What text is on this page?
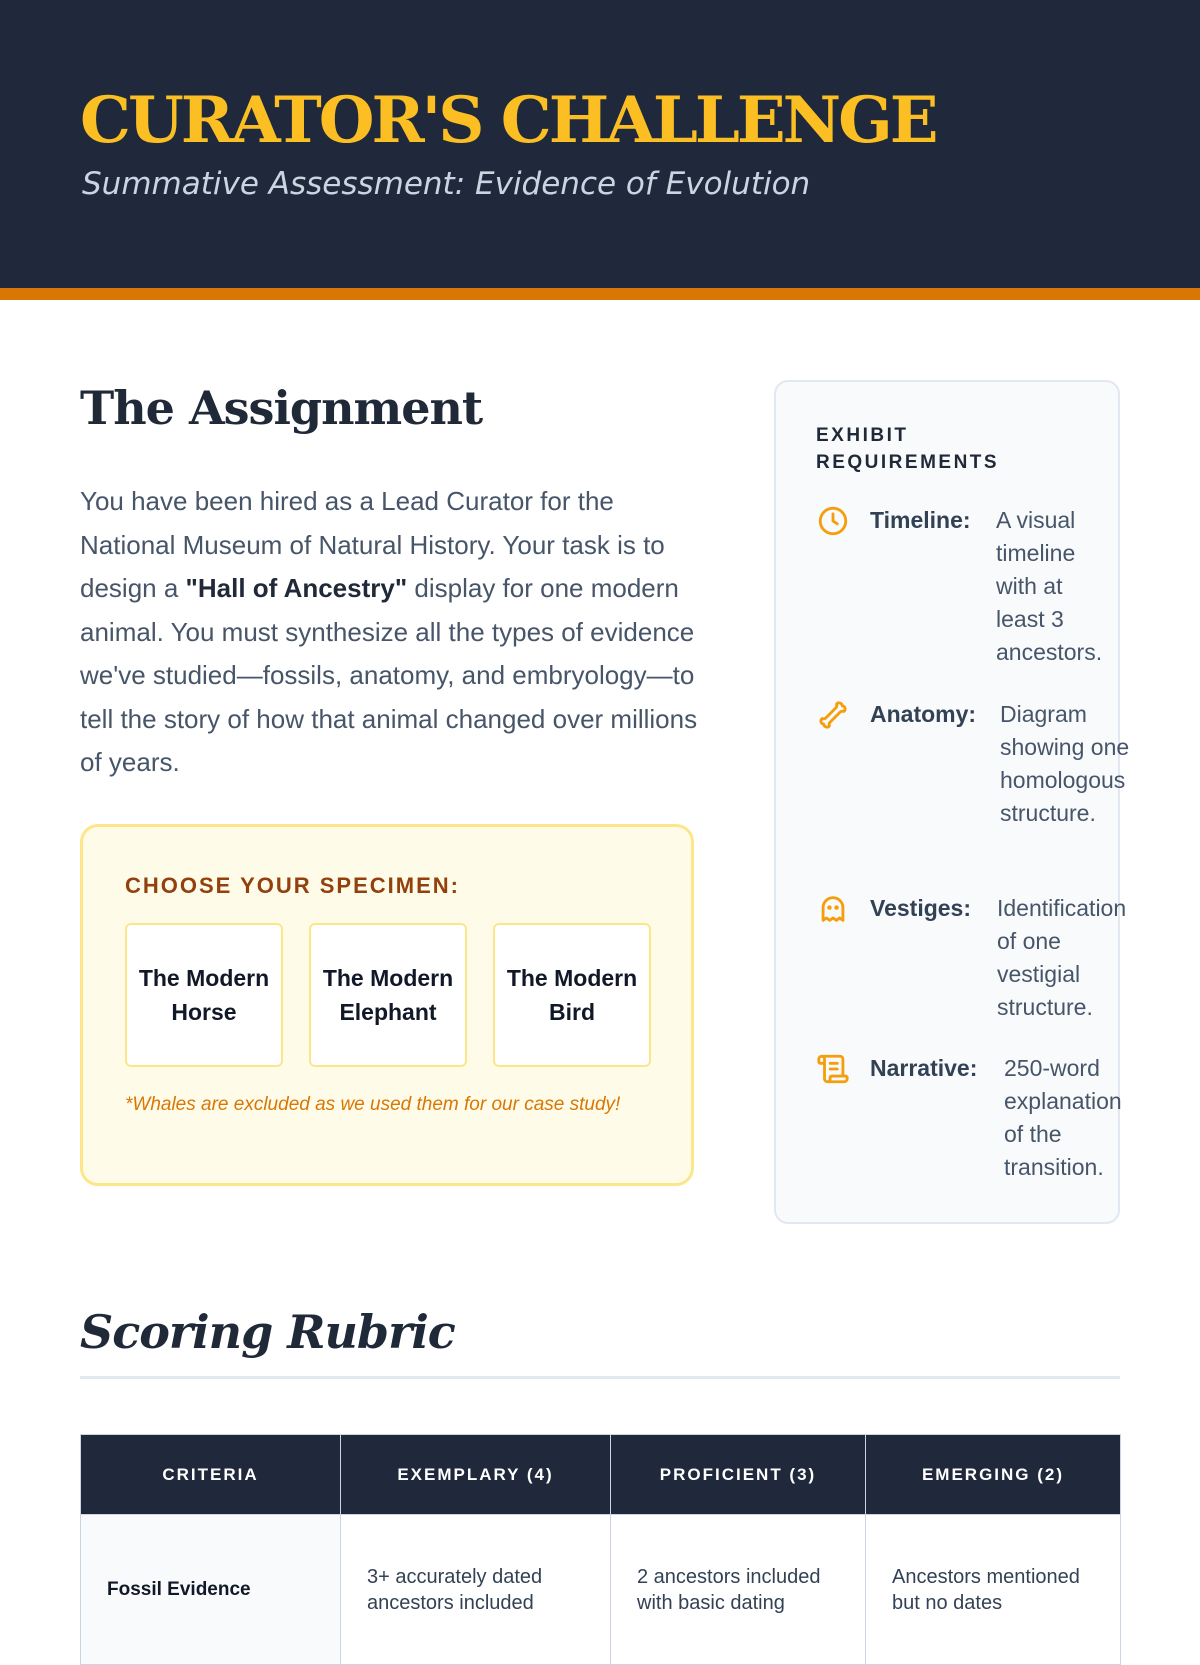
CURATOR'S CHALLENGE
Summative Assessment: Evidence of Evolution
The Assignment

You have been hired as a Lead Curator for the National Museum of Natural History. Your task is to design a "Hall of Ancestry" display for one modern animal. You must synthesize all the types of evidence we've studied—fossils, anatomy, and embryology—to tell the story of how that animal changed over millions of years.

CHOOSE YOUR SPECIMEN:
The Modern Horse
The Modern Elephant
The Modern Bird
*Whales are excluded as we used them for our case study!
EXHIBIT REQUIREMENTS
Timeline: A visual timeline with at least 3 ancestors.
Anatomy: Diagram showing one homologous structure.
Vestiges: Identification of one vestigial structure.
Narrative: 250-word explanation of the transition.
Scoring Rubric
CRITERIA	EXEMPLARY (4)	PROFICIENT (3)	EMERGING (2)
Fossil Evidence	3+ accurately dated ancestors included	2 ancestors included with basic dating	Ancestors mentioned but no dates
